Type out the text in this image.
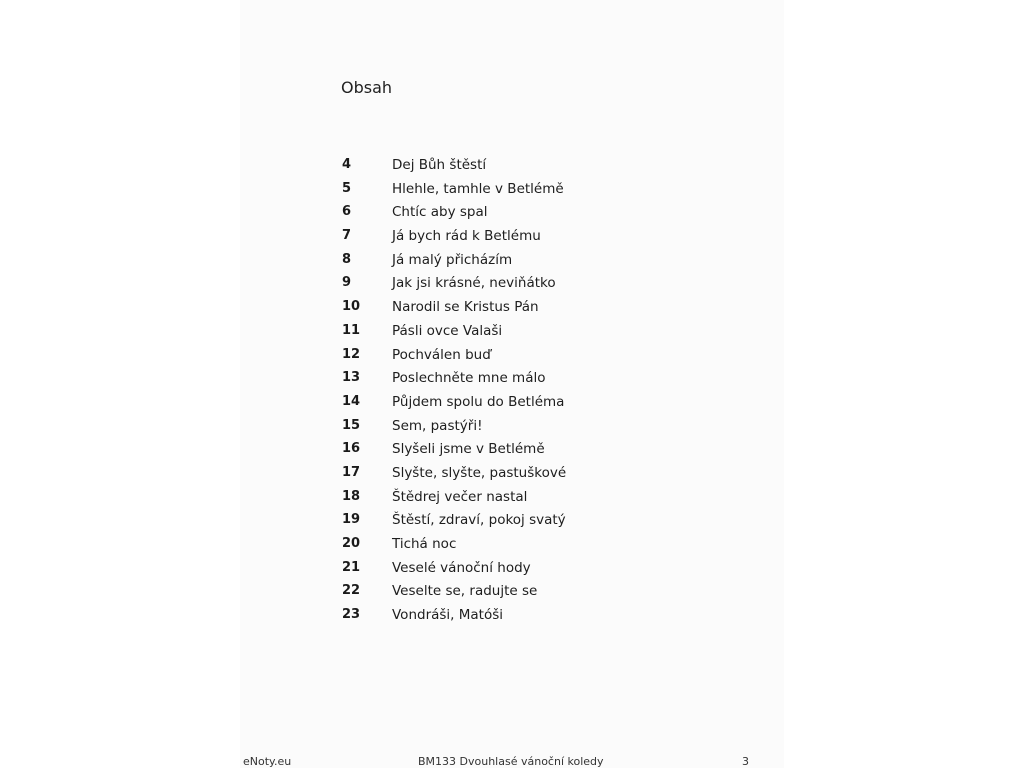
Obsah
4	Dej Bůh štěstí
5	Hlehle, tamhle v Betlémě
6	Chtíc aby spal
7	Já bych rád k Betlému
8	Já malý přicházím
9	Jak jsi krásné, neviňátko
10 Narodil se Kristus Pán
11 Pásli ovce Valaši
12 Pochválen buď
13 Poslechněte mne málo
14 Půjdem spolu do Betléma
15 Sem, pastýři!
16 Slyšeli jsme v Betlémě
17 Slyšte, slyšte, pastuškové
18 Štědrej večer nastal
19 Štěstí, zdraví, pokoj svatý
20 Tichá noc
21 Veselé vánoční hody
22 Veselte se, radujte se
23 Vondráši, Matóši
eNoty.eu	BM133 Dvouhlasé vánoční koledy	3
